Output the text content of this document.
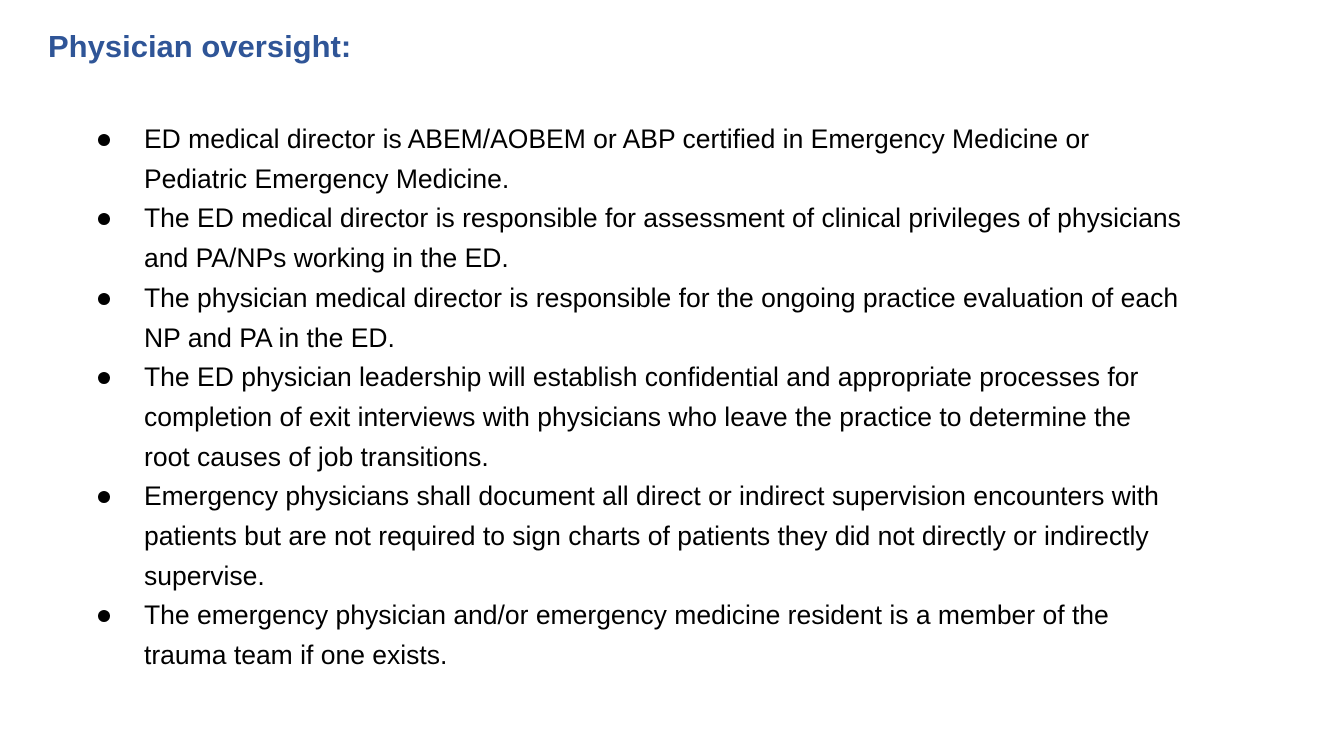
Physician oversight:
ED medical director is ABEM/AOBEM or ABP certified in Emergency Medicine or
Pediatric Emergency Medicine.
The ED medical director is responsible for assessment of clinical privileges of physicians
and PA/NPs working in the ED.
The physician medical director is responsible for the ongoing practice evaluation of each
NP and PA in the ED.
The ED physician leadership will establish confidential and appropriate processes for
completion of exit interviews with physicians who leave the practice to determine the
root causes of job transitions.
Emergency physicians shall document all direct or indirect supervision encounters with
patients but are not required to sign charts of patients they did not directly or indirectly
supervise.
The emergency physician and/or emergency medicine resident is a member of the
trauma team if one exists.
